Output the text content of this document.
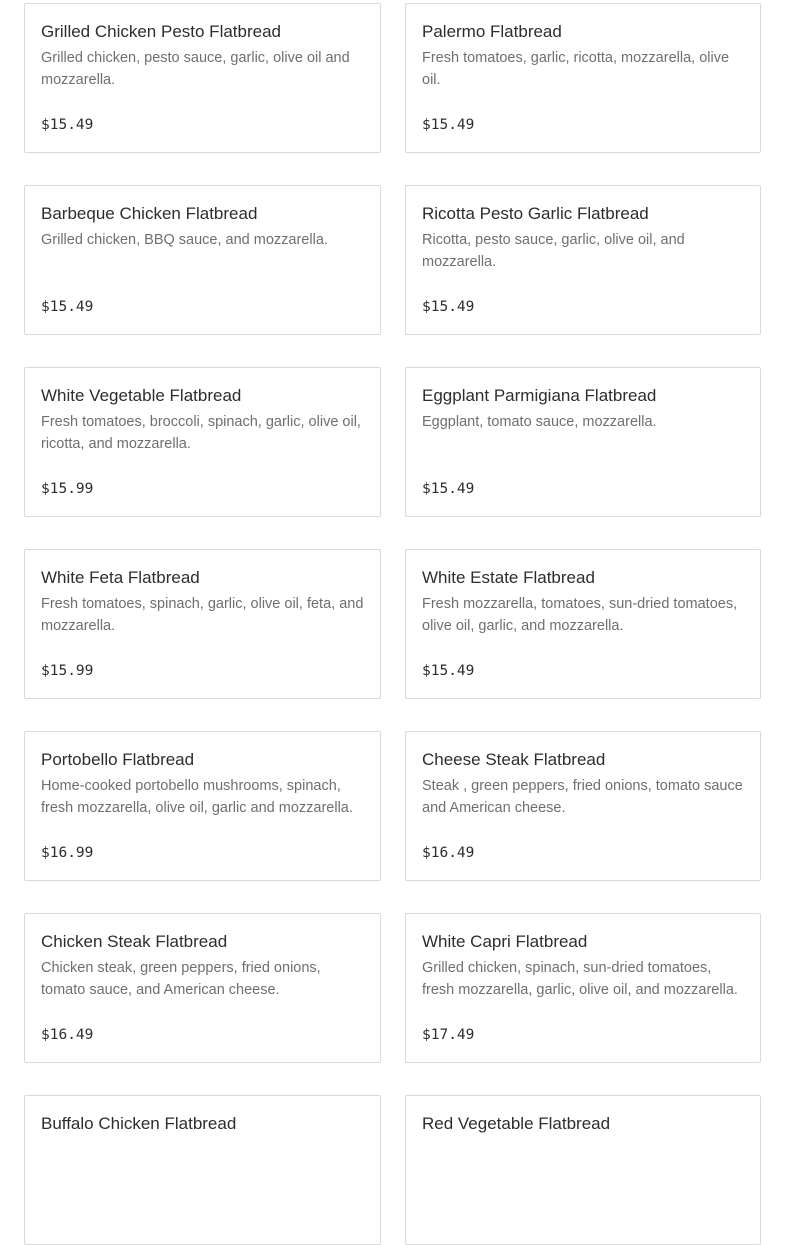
Grilled Chicken Pesto Flatbread

Grilled chicken, pesto sauce, garlic, olive oil and mozzarella.

$15.49
Palermo Flatbread

Fresh tomatoes, garlic, ricotta, mozzarella, olive oil.

$15.49
Barbeque Chicken Flatbread

Grilled chicken, BBQ sauce, and mozzarella.

$15.49
Ricotta Pesto Garlic Flatbread

Ricotta, pesto sauce, garlic, olive oil, and mozzarella.

$15.49
White Vegetable Flatbread

Fresh tomatoes, broccoli, spinach, garlic, olive oil, ricotta, and mozzarella.

$15.99
Eggplant Parmigiana Flatbread

Eggplant, tomato sauce, mozzarella.

$15.49
White Feta Flatbread

Fresh tomatoes, spinach, garlic, olive oil, feta, and mozzarella.

$15.99
White Estate Flatbread

Fresh mozzarella, tomatoes, sun-dried tomatoes, olive oil, garlic, and mozzarella.

$15.49
Portobello Flatbread

Home-cooked portobello mushrooms, spinach, fresh mozzarella, olive oil, garlic and mozzarella.

$16.99
Cheese Steak Flatbread

Steak , green peppers, fried onions, tomato sauce and American cheese.

$16.49
Chicken Steak Flatbread

Chicken steak, green peppers, fried onions, tomato sauce, and American cheese.

$16.49
White Capri Flatbread

Grilled chicken, spinach, sun-dried tomatoes, fresh mozzarella, garlic, olive oil, and mozzarella.

$17.49
Buffalo Chicken Flatbread	Red Vegetable Flatbread
